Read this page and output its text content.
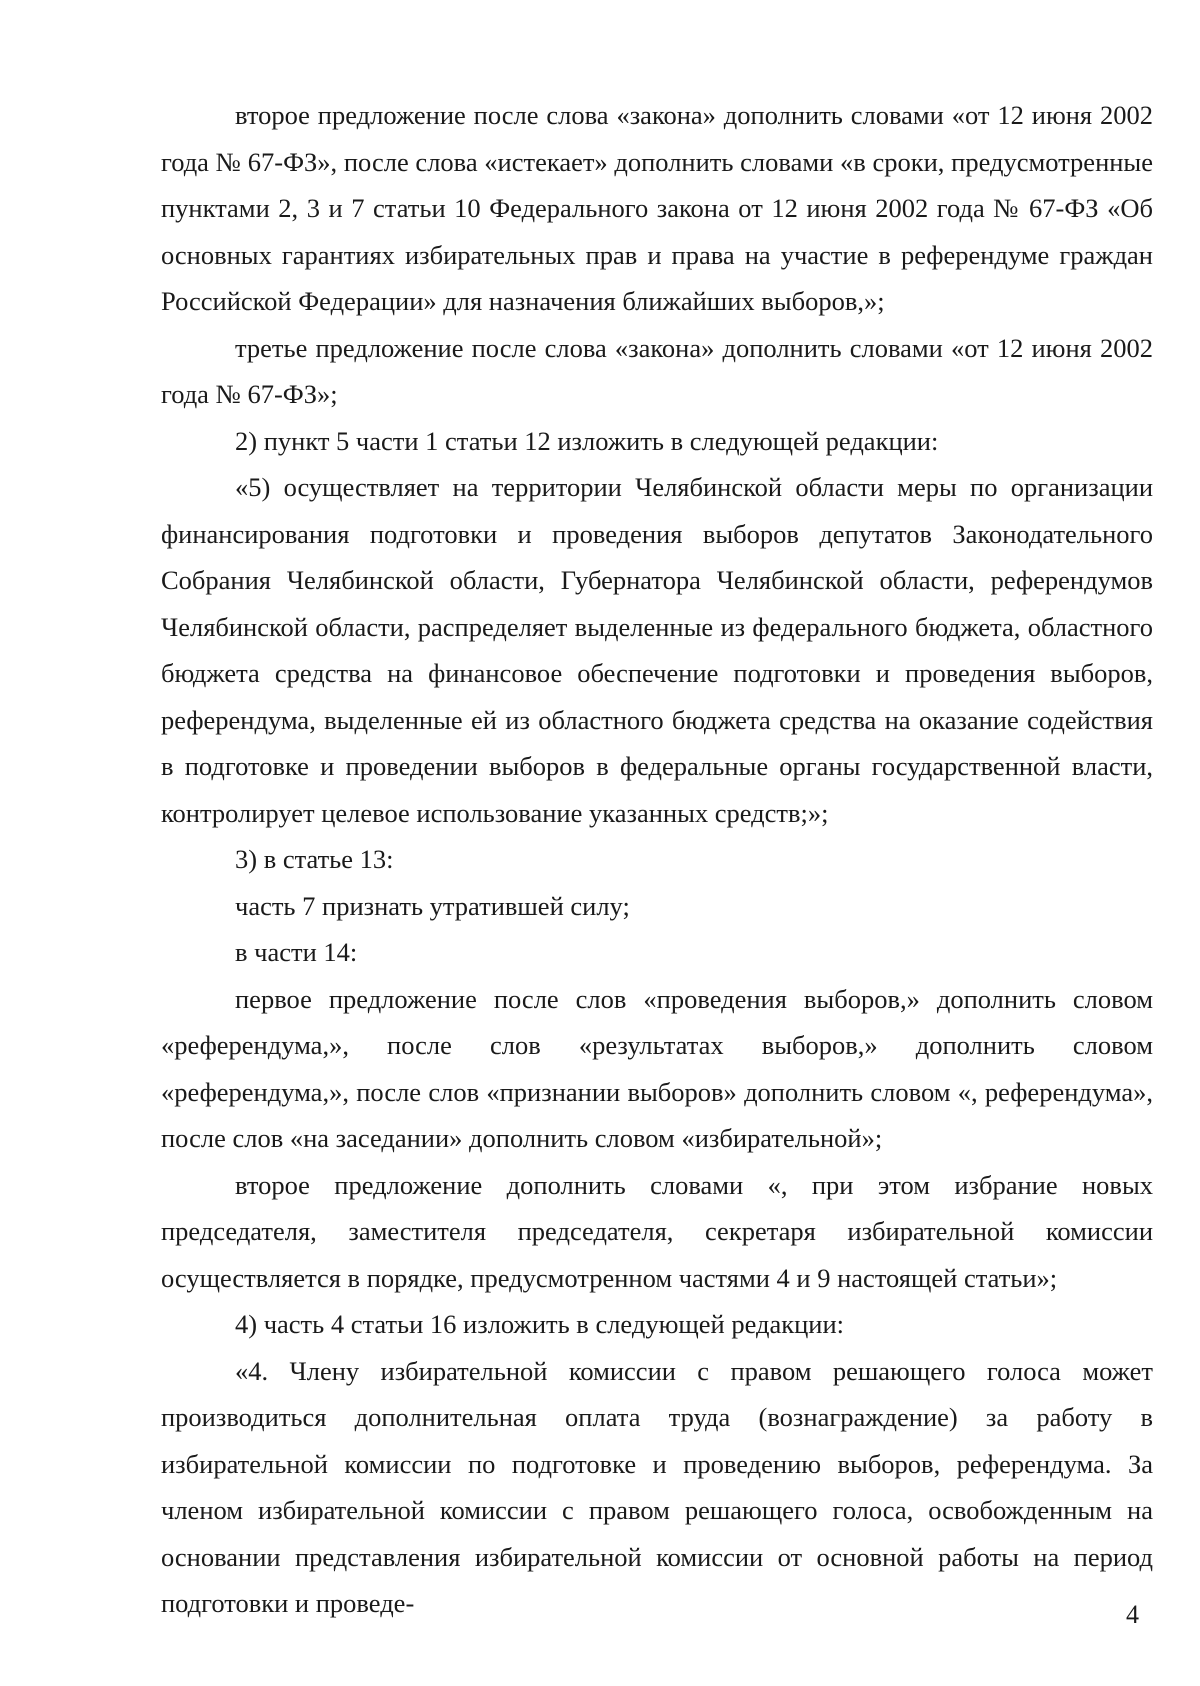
второе предложение после слова «закона» дополнить словами «от 12 июня 2002 года № 67-ФЗ», после слова «истекает» дополнить словами «в сроки, предусмотренные пунктами 2, 3 и 7 статьи 10 Федерального закона от 12 июня 2002 года № 67-ФЗ «Об основных гарантиях избирательных прав и права на участие в референдуме граждан Российской Федерации» для назначения ближайших выборов,»;

третье предложение после слова «закона» дополнить словами «от 12 июня 2002 года № 67-ФЗ»;

2) пункт 5 части 1 статьи 12 изложить в следующей редакции:

«5) осуществляет на территории Челябинской области меры по организации финансирования подготовки и проведения выборов депутатов Законодательного Собрания Челябинской области, Губернатора Челябинской области, референдумов Челябинской области, распределяет выделенные из федерального бюджета, областного бюджета средства на финансовое обеспечение подготовки и проведения выборов, референдума, выделенные ей из областного бюджета средства на оказание содействия в подготовке и проведении выборов в федеральные органы государственной власти, контролирует целевое использование указанных средств;»;

3) в статье 13:

часть 7 признать утратившей силу;

в части 14:

первое предложение после слов «проведения выборов,» дополнить словом «референдума,», после слов «результатах выборов,» дополнить словом «референдума,», после слов «признании выборов» дополнить словом «, референдума», после слов «на заседании» дополнить словом «избирательной»;

второе предложение дополнить словами «, при этом избрание новых председателя, заместителя председателя, секретаря избирательной комиссии осуществляется в порядке, предусмотренном частями 4 и 9 настоящей статьи»;

4) часть 4 статьи 16 изложить в следующей редакции:

«4. Члену избирательной комиссии с правом решающего голоса может производиться дополнительная оплата труда (вознаграждение) за работу в избирательной комиссии по подготовке и проведению выборов, референдума. За членом избирательной комиссии с правом решающего голоса, освобожденным на основании представления избирательной комиссии от основной работы на период подготовки и проведе-	4
